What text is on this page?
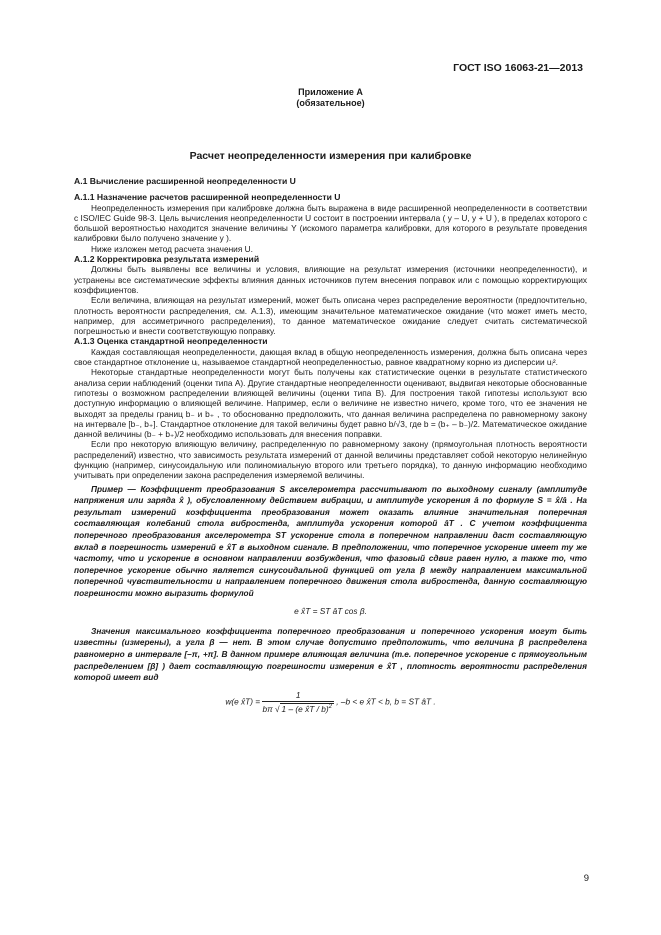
ГОСТ ISO 16063-21—2013
Приложение А
(обязательное)
Расчет неопределенности измерения при калибровке
А.1 Вычисление расширенной неопределенности U
А.1.1 Назначение расчетов расширенной неопределенности U

Неопределенность измерения при калибровке должна быть выражена в виде расширенной неопределенности в соответствии с ISO/IEC Guide 98-3. Цель вычисления неопределенности U состоит в построении интервала ( y – U, y + U ), в пределах которого с большой вероятностью находится значение величины Y (искомого параметра калибровки, для которого в результате проведения калибровки было получено значение y ).

Ниже изложен метод расчета значения U.

А.1.2 Корректировка результата измерений

Должны быть выявлены все величины и условия, влияющие на результат измерения (источники неопределенности), и устранены все систематические эффекты влияния данных источников путем внесения поправок или с помощью корректирующих коэффициентов.

Если величина, влияющая на результат измерений, может быть описана через распределение вероятности (предпочтительно, плотность вероятности распределения, см. А.1.3), имеющим значительное математическое ожидание (что может иметь место, например, для ассиметричного распределения), то данное математическое ожидание следует считать систематической погрешностью и внести соответствующую поправку.

А.1.3 Оценка стандартной неопределенности

Каждая составляющая неопределенности, дающая вклад в общую неопределенность измерения, должна быть описана через свое стандартное отклонение uᵢ, называемое стандартной неопределенностью, равное квадратному корню из дисперсии uᵢ².

Некоторые стандартные неопределенности могут быть получены как статистические оценки в результате статистического анализа серии наблюдений (оценки типа А). Другие стандартные неопределенности оценивают, выдвигая некоторые обоснованные гипотезы о возможном распределении влияющей величины (оценки типа В). Для построения такой гипотезы используют всю доступную информацию о влияющей величине. Например, если о величине не известно ничего, кроме того, что ее значения не выходят за пределы границ b₋ и b₊ , то обоснованно предположить, что данная величина распределена по равномерному закону на интервале [b₋, b₊]. Стандартное отклонение для такой величины будет равно b/√3, где b = (b₊ – b₋)/2. Математическое ожидание данной величины (b₋ + b₊)/2 необходимо использовать для внесения поправки.

Если про некоторую влияющую величину, распределенную по равномерному закону (прямоугольная плотность вероятности распределений) известно, что зависимость результата измерений от данной величины представляет собой некоторую нелинейную функцию (например, синусоидальную или полиномиальную второго или третьего порядка), то данную информацию необходимо учитывать при определении закона распределения измеряемой величины.

Пример — Коэффициент преобразования S акселерометра рассчитывают по выходному сигналу (амплитуде напряжения или заряда x̂ ), обусловленному действием вибрации, и амплитуде ускорения â по формуле S = x̂/â . На результат измерений коэффициента преобразования может оказать влияние значительная поперечная составляющая колебаний стола вибростенда, амплитуда ускорения которой âT . С учетом коэффициента поперечного преобразования акселерометра ST ускорение стола в поперечном направлении даст составляющую вклад в погрешность измерений e x̂T в выходном сигнале. В предположении, что поперечное ускорение имеет ту же частоту, что и ускорение в основном направлении возбуждения, что фазовый сдвиг равен нулю, а также то, что поперечное ускорение обычно является синусоидальной функцией от угла β между направлением максимальной поперечной чувствительности и направлением поперечного движения стола вибростенда, данную составляющую погрешности можно выразить формулой

e x̂T = ST âT cos β.

Значения максимального коэффициента поперечного преобразования и поперечного ускорения могут быть известны (измерены), а угла β — нет. В этом случае допустимо предположить, что величина β распределена равномерно в интервале [–π, +π]. В данном примере влияющая величина (т.е. поперечное ускорение с прямоугольным распределением [β] ) дает составляющую погрешности измерения e x̂T , плотность вероятности распределения которой имеет вид

w(e x̂T) = $\frac{1}{b\pi √ 1 - (e x̂T / b)^2}$ , –b < e x̂T < b, b = ST âT .
9
